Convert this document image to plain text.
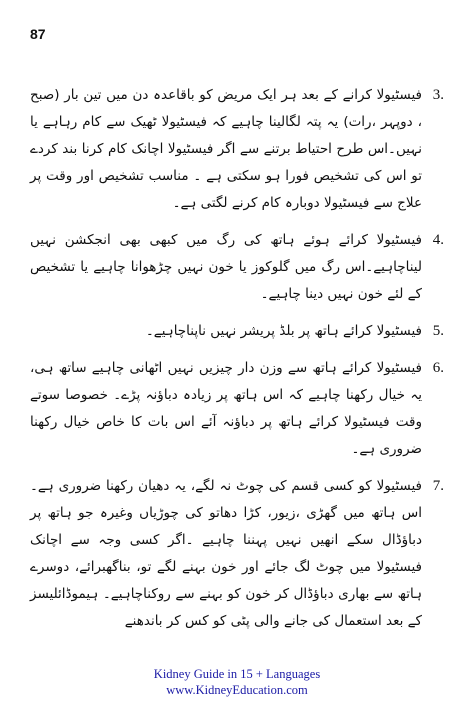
87
3.
فیسٹیولا کرانے کے بعد ہر ایک مریض کو باقاعدہ دن میں تین بار (صبح ، دوپہر ،رات) یہ پتہ لگالینا چاہیے کہ فیسٹیولا ٹھیک سے کام رہاہے یا نہیں۔اس طرح احتیاط برتنے سے اگر فیسٹیولا اچانک کام کرنا بند کردے تو اس کی تشخیص فورا ہو سکتی ہے ۔ مناسب تشخیص اور وقت پر علاج سے فیسٹیولا دوبارہ کام کرنے لگتی ہے۔
4.
فیسٹیولا کرائے ہوئے ہاتھ کی رگ میں کبھی بھی انجکشن نہیں لیناچاہیے۔اس رگ میں گلوکوز یا خون نہیں چڑھوانا چاہیے یا تشخیص کے لئے خون نہیں دینا چاہیے۔
5.
فیسٹیولا کرائے ہاتھ پر بلڈ پریشر نہیں ناپناچاہیے۔
6.
فیسٹیولا کرائے ہاتھ سے وزن دار چیزیں نہیں اٹھانی چاہیے ساتھ ہی، یہ خیال رکھنا چاہیے کہ اس ہاتھ پر زیادہ دباؤنہ پڑے۔ خصوصا سوتے وقت فیسٹیولا کرائے ہاتھ پر دباؤنہ آئے اس بات کا خاص خیال رکھنا ضروری ہے۔
7.
فیسٹیولا کو کسی قسم کی چوٹ نہ لگے، یہ دھیان رکھنا ضروری ہے۔اس ہاتھ میں گھڑی ،زیور، کڑا دھاتو کی چوڑیاں وغیرہ جو ہاتھ پر دباؤڈال سکے انھیں نہیں پہننا چاہیے ۔اگر کسی وجہ سے اچانک فیسٹیولا میں چوٹ لگ جائے اور خون بہنے لگے تو، بناگھبرائے، دوسرے ہاتھ سے بھاری دباؤڈال کر خون کو بہنے سے روکناچاہیے۔ ہیموڈائلیسز کے بعد استعمال کی جانے والی پٹی کو کس کر باندھنے
Kidney Guide in 15 + Languages
www.KidneyEducation.com
